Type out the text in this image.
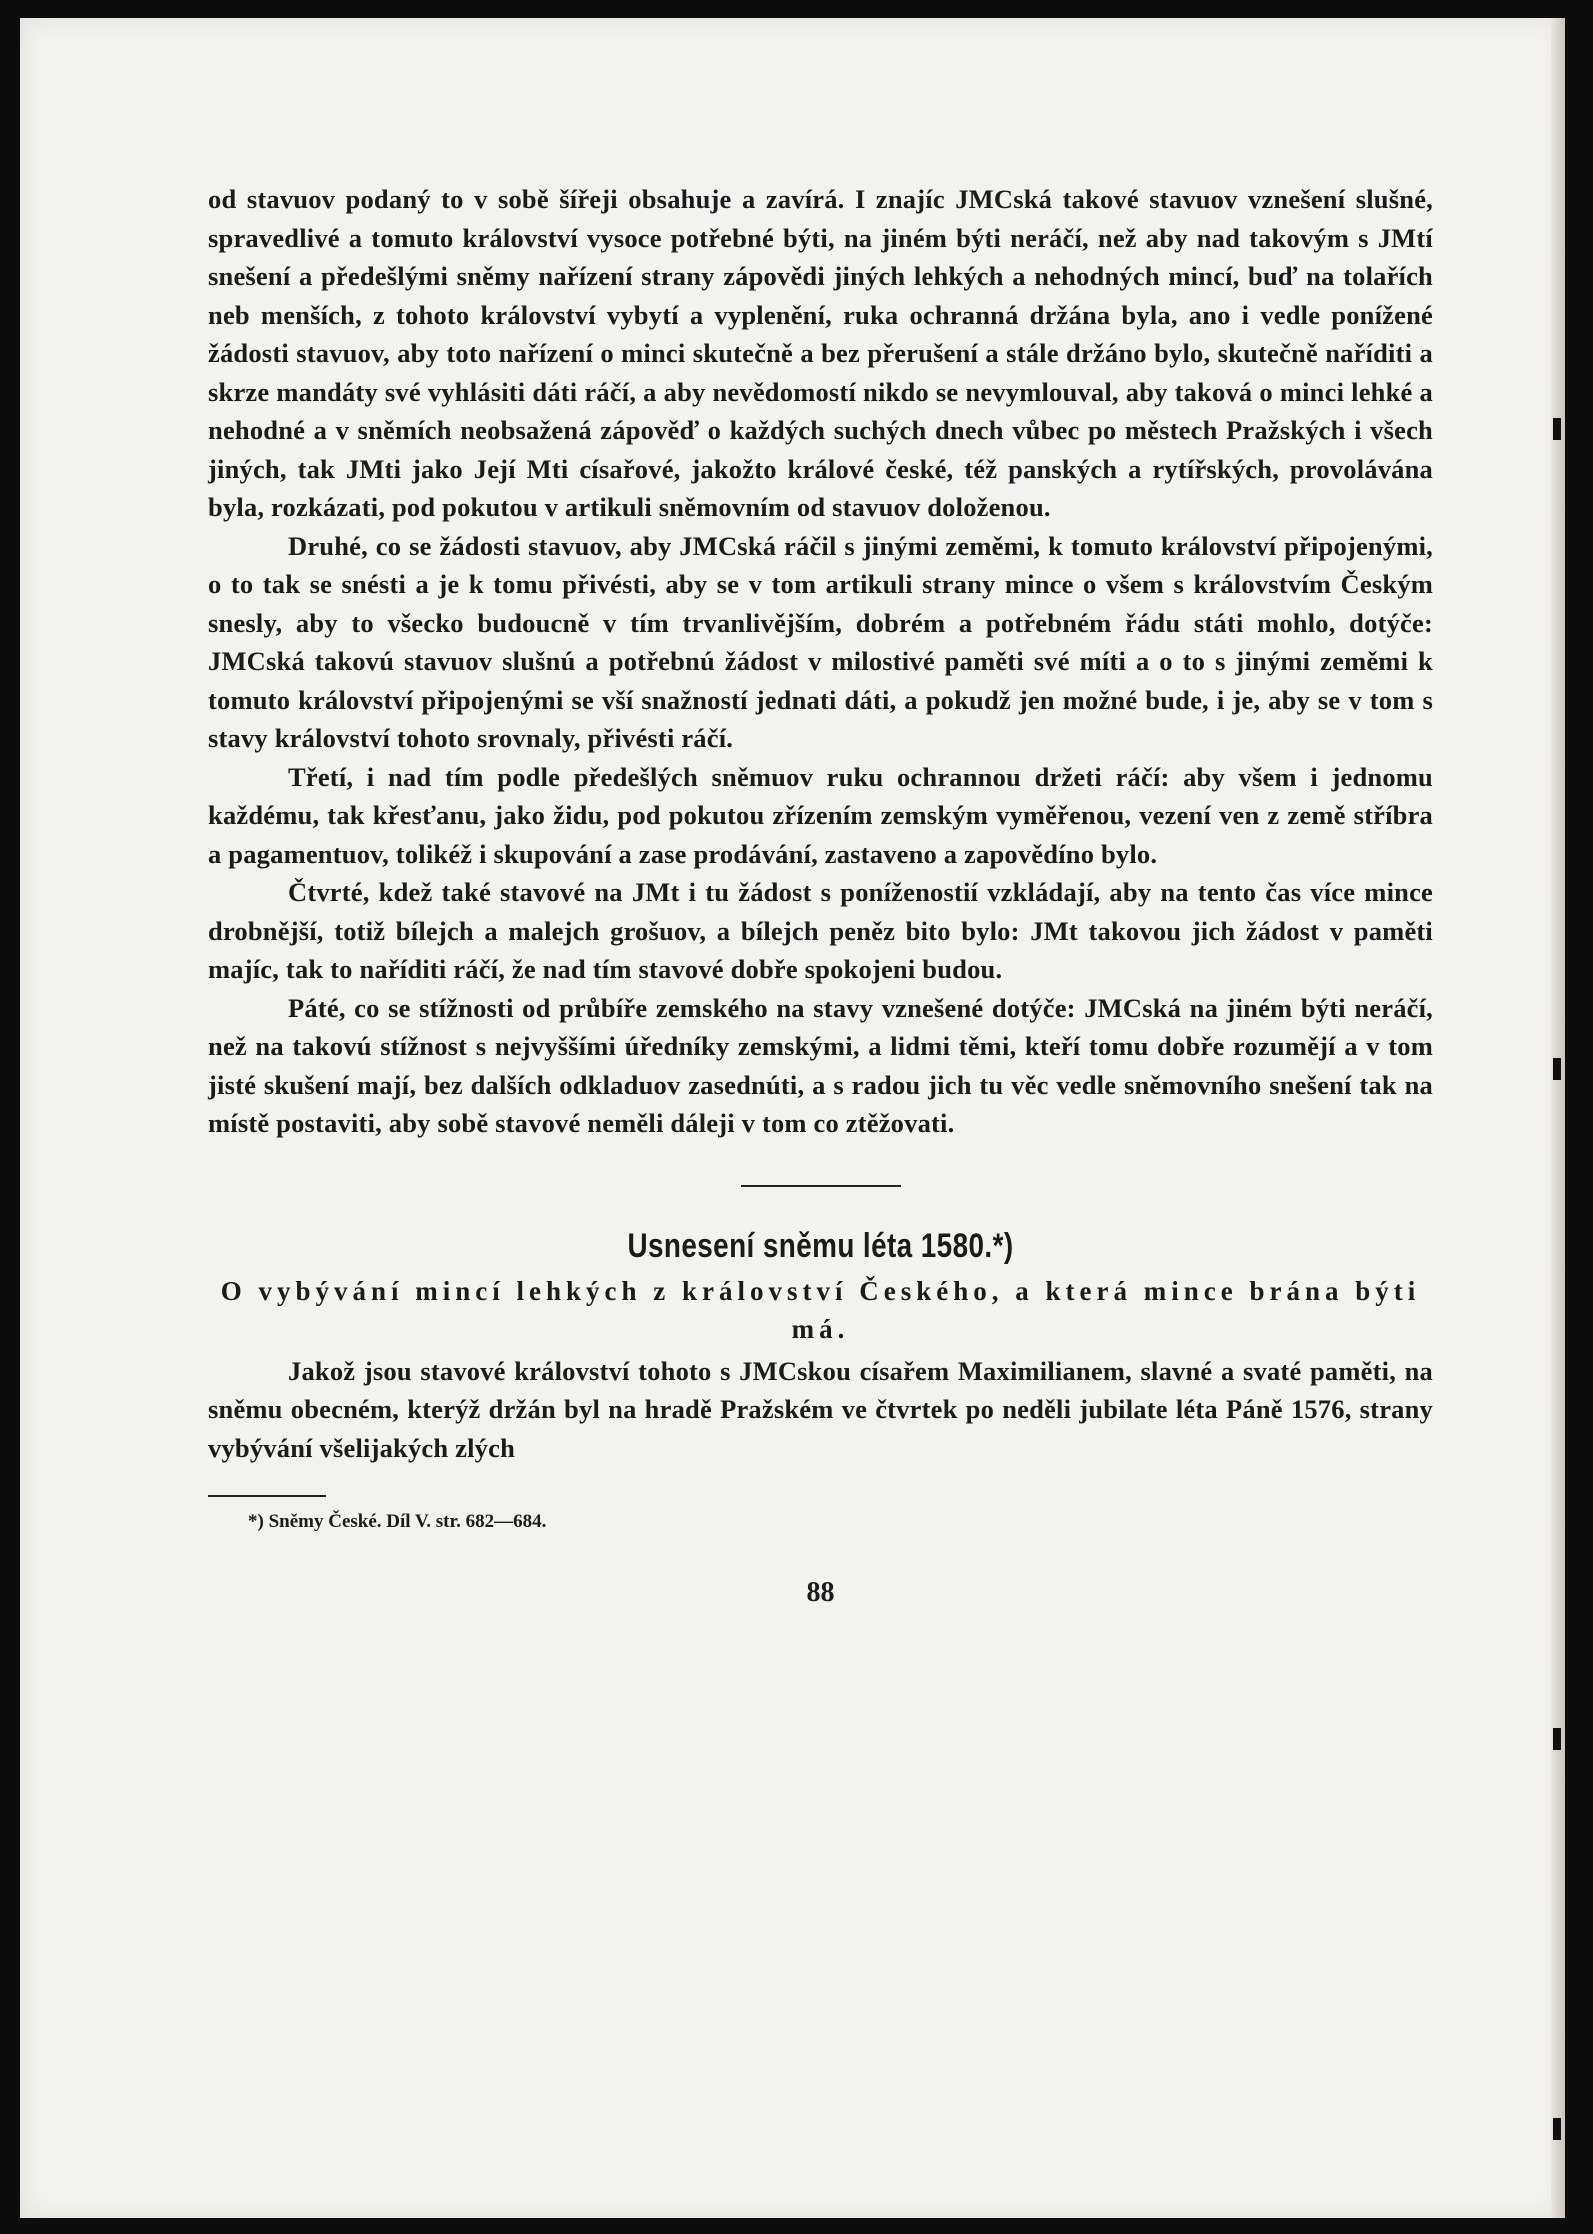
od stavuov podaný to v sobě šířeji obsahuje a zavírá. I znajíc JMCská takové stavuov vznešení slušné, spravedlivé a tomuto království vysoce potřebné býti, na jiném býti neráčí, než aby nad takovým s JMtí snešení a předešlými sněmy nařízení strany zápovědi jiných lehkých a nehodných mincí, buď na tolařích neb menších, z tohoto království vybytí a vyplenění, ruka ochranná držána byla, ano i vedle ponížené žádosti stavuov, aby toto nařízení o minci skutečně a bez přerušení a stále držáno bylo, skutečně naříditi a skrze mandáty své vyhlásiti dáti ráčí, a aby nevědomostí nikdo se nevymlouval, aby taková o minci lehké a nehodné a v sněmích neobsažená zápověď o každých suchých dnech vůbec po městech Pražských i všech jiných, tak JMti jako Její Mti císařové, jakožto králové české, též panských a rytířských, provolávána byla, rozkázati, pod pokutou v artikuli sněmovním od stavuov doloženou.

Druhé, co se žádosti stavuov, aby JMCská ráčil s jinými zeměmi, k tomuto království připojenými, o to tak se snésti a je k tomu přivésti, aby se v tom artikuli strany mince o všem s královstvím Českým snesly, aby to všecko budoucně v tím trvanlivějším, dobrém a potřebném řádu státi mohlo, dotýče: JMCská takovú stavuov slušnú a potřebnú žádost v milostivé paměti své míti a o to s jinými zeměmi k tomuto království připojenými se vší snažností jednati dáti, a pokudž jen možné bude, i je, aby se v tom s stavy království tohoto srovnaly, přivésti ráčí.

Třetí, i nad tím podle předešlých sněmuov ruku ochrannou držeti ráčí: aby všem i jednomu každému, tak křesťanu, jako židu, pod pokutou zřízením zemským vyměřenou, vezení ven z země stříbra a pagamentuov, tolikéž i skupování a zase prodávání, zastaveno a zapovědíno bylo.

Čtvrté, kdež také stavové na JMt i tu žádost s poníženostií vzkládají, aby na tento čas více mince drobnější, totiž bílejch a malejch grošuov, a bílejch peněz bito bylo: JMt takovou jich žádost v paměti majíc, tak to naříditi ráčí, že nad tím stavové dobře spokojeni budou.

Páté, co se stížnosti od průbíře zemského na stavy vznešené dotýče: JMCská na jiném býti neráčí, než na takovú stížnost s nejvyššími úředníky zemskými, a lidmi těmi, kteří tomu dobře rozumějí a v tom jisté skušení mají, bez dalších odkladuov zasednúti, a s radou jich tu věc vedle sněmovního snešení tak na místě postaviti, aby sobě stavové neměli dáleji v tom co ztěžovati.

Usnesení sněmu léta 1580.*)

O vybývání mincí lehkých z království Českého, a která mince brána býti má.

Jakož jsou stavové království tohoto s JMCskou císařem Maximilianem, slavné a svaté paměti, na sněmu obecném, kterýž držán byl na hradě Pražském ve čtvrtek po neděli jubilate léta Páně 1576, strany vybývání všelijakých zlých

*) Sněmy České. Díl V. str. 682—684.
88
